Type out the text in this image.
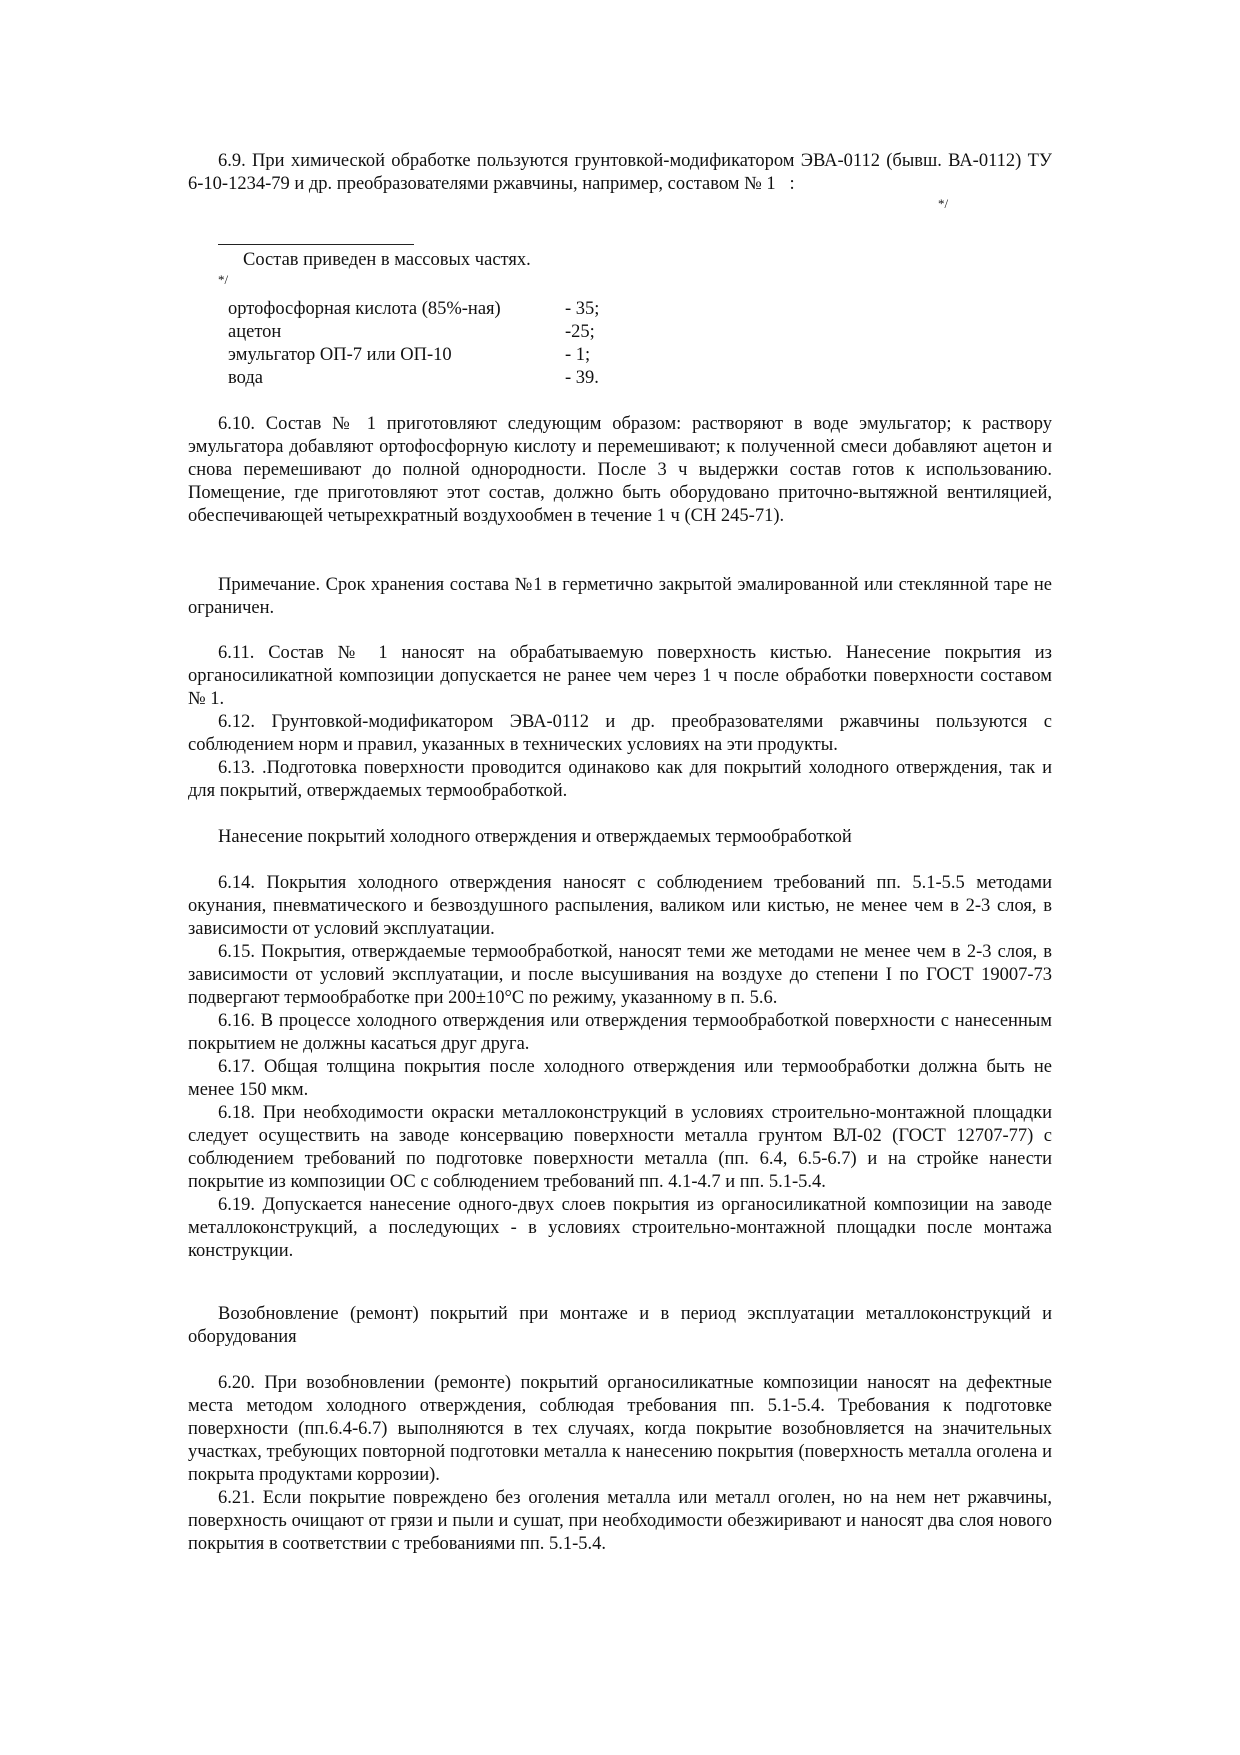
6.9. При химической обработке пользуются грунтовкой-модификатором ЭВА-0112 (бывш. ВА-0112) ТУ 6-10-1234-79 и др. преобразователями ржавчины, например, составом № 1   :

*/
Состав приведен в массовых частях.
*/
ортофосфорная кислота (85%-ная)	- 35;
ацетон	-25;
эмульгатор ОП-7 или ОП-10	- 1;
вода	- 39.

6.10. Состав № 1 приготовляют следующим образом: растворяют в воде эмульгатор; к раствору эмульгатора добавляют ортофосфорную кислоту и перемешивают; к полученной смеси добавляют ацетон и снова перемешивают до полной однородности. После 3 ч выдержки состав готов к использованию. Помещение, где приготовляют этот состав, должно быть оборудовано приточно-вытяжной вентиляцией, обеспечивающей четырехкратный воздухообмен в течение 1 ч (СН 245-71).

Примечание. Срок хранения состава №1 в герметично закрытой эмалированной или стеклянной таре не ограничен.

6.11. Состав № 1 наносят на обрабатываемую поверхность кистью. Нанесение покрытия из органосиликатной композиции допускается не ранее чем через 1 ч после обработки поверхности составом № 1.

6.12. Грунтовкой-модификатором ЭВА-0112 и др. преобразователями ржавчины пользуются с соблюдением норм и правил, указанных в технических условиях на эти продукты.

6.13. .Подготовка поверхности проводится одинаково как для покрытий холодного отверждения, так и для покрытий, отверждаемых термообработкой.

Нанесение покрытий холодного отверждения и отверждаемых термообработкой

6.14. Покрытия холодного отверждения наносят с соблюдением требований пп. 5.1-5.5 методами окунания, пневматического и безвоздушного распыления, валиком или кистью, не менее чем в 2-3 слоя, в зависимости от условий эксплуатации.

6.15. Покрытия, отверждаемые термообработкой, наносят теми же методами не менее чем в 2-3 слоя, в зависимости от условий эксплуатации, и после высушивания на воздухе до степени I по ГОСТ 19007-73 подвергают термообработке при 200±10°С по режиму, указанному в п. 5.6.

6.16. В процессе холодного отверждения или отверждения термообработкой поверхности с нанесенным покрытием не должны касаться друг друга.

6.17. Общая толщина покрытия после холодного отверждения или термообработки должна быть не менее 150 мкм.

6.18. При необходимости окраски металлоконструкций в условиях строительно-монтажной площадки следует осуществить на заводе консервацию поверхности металла грунтом ВЛ-02 (ГОСТ 12707-77) с соблюдением требований по подготовке поверхности металла (пп. 6.4, 6.5-6.7) и на стройке нанести покрытие из композиции ОС с соблюдением требований пп. 4.1-4.7 и пп. 5.1-5.4.

6.19. Допускается нанесение одного-двух слоев покрытия из органосиликатной композиции на заводе металлоконструкций, а последующих - в условиях строительно-монтажной площадки после монтажа конструкции.

Возобновление (ремонт) покрытий при монтаже и в период эксплуатации металлоконструкций и оборудования

6.20. При возобновлении (ремонте) покрытий органосиликатные композиции наносят на дефектные места методом холодного отверждения, соблюдая требования пп. 5.1-5.4. Требования к подготовке поверхности (пп.6.4-6.7) выполняются в тех случаях, когда покрытие возобновляется на значительных участках, требующих повторной подготовки металла к нанесению покрытия (поверхность металла оголена и покрыта продуктами коррозии).

6.21. Если покрытие повреждено без оголения металла или металл оголен, но на нем нет ржавчины, поверхность очищают от грязи и пыли и сушат, при необходимости обезжиривают и наносят два слоя нового покрытия в соответствии с требованиями пп. 5.1-5.4.
